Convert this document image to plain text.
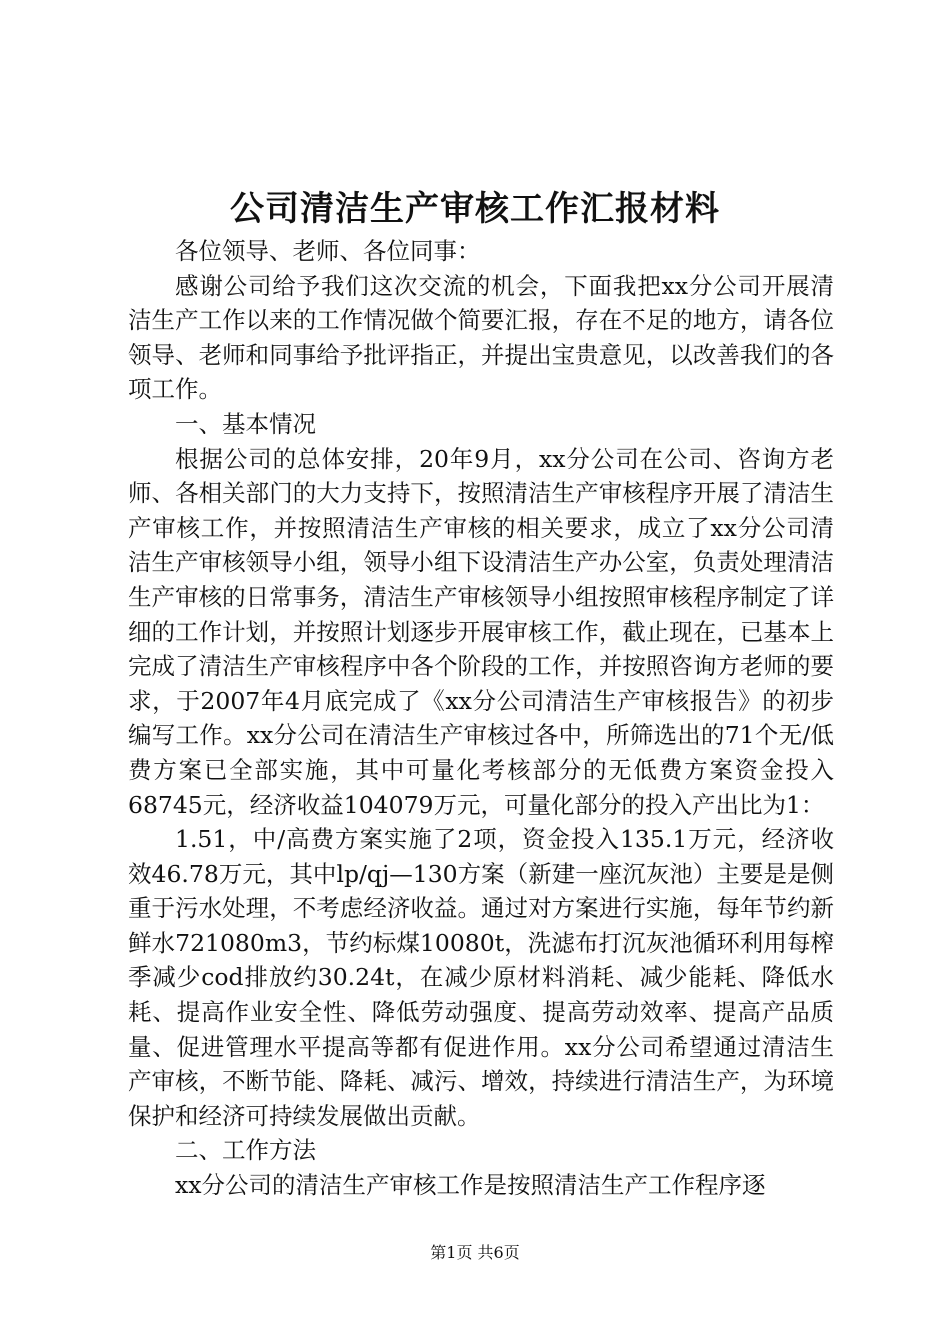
公司清洁生产审核工作汇报材料

各位领导、老师、各位同事：

感谢公司给予我们这次交流的机会，下面我把xx分公司开展清洁生产工作以来的工作情况做个简要汇报，存在不足的地方，请各位领导、老师和同事给予批评指正，并提出宝贵意见，以改善我们的各项工作。

一、基本情况

根据公司的总体安排，20年9月，xx分公司在公司、咨询方老师、各相关部门的大力支持下，按照清洁生产审核程序开展了清洁生产审核工作，并按照清洁生产审核的相关要求，成立了xx分公司清洁生产审核领导小组，领导小组下设清洁生产办公室，负责处理清洁生产审核的日常事务，清洁生产审核领导小组按照审核程序制定了详细的工作计划，并按照计划逐步开展审核工作，截止现在，已基本上完成了清洁生产审核程序中各个阶段的工作，并按照咨询方老师的要求，于2007年4月底完成了《xx分公司清洁生产审核报告》的初步编写工作。xx分公司在清洁生产审核过各中，所筛选出的71个无/低费方案已全部实施，其中可量化考核部分的无低费方案资金投入68745元，经济收益104079万元，可量化部分的投入产出比为1：

1.51，中/高费方案实施了2项，资金投入135.1万元，经济收效46.78万元，其中lp/qj—130方案（新建一座沉灰池）主要是是侧重于污水处理，不考虑经济收益。通过对方案进行实施，每年节约新鲜水721080m3，节约标煤10080t，洗滤布打沉灰池循环利用每榨季减少cod排放约30.24t，在减少原材料消耗、减少能耗、降低水耗、提高作业安全性、降低劳动强度、提高劳动效率、提高产品质量、促进管理水平提高等都有促进作用。xx分公司希望通过清洁生产审核，不断节能、降耗、减污、增效，持续进行清洁生产，为环境保护和经济可持续发展做出贡献。

二、工作方法

xx分公司的清洁生产审核工作是按照清洁生产工作程序逐

第1页 共6页
